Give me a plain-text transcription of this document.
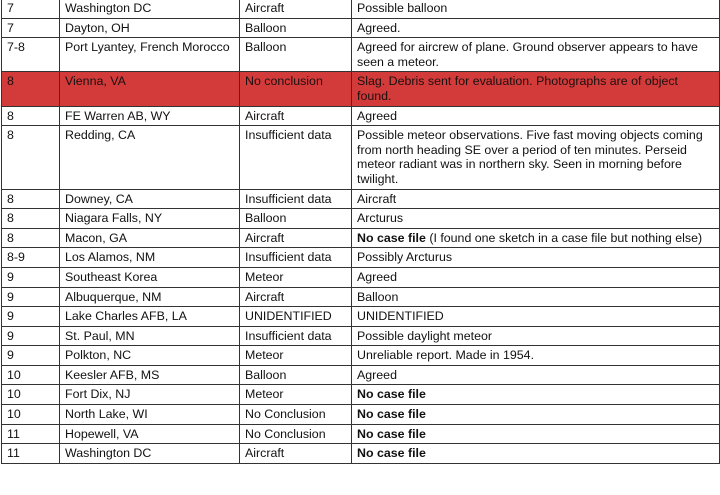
7	Washington DC	Aircraft	Possible balloon
7	Dayton, OH	Balloon	Agreed.
7-8	Port Lyantey, French Morocco	Balloon	Agreed for aircrew of plane. Ground observer appears to have seen a meteor.
8	Vienna, VA	No conclusion	Slag. Debris sent for evaluation. Photographs are of object found.
8	FE Warren AB, WY	Aircraft	Agreed
8	Redding, CA	Insufficient data	Possible meteor observations. Five fast moving objects coming from north heading SE over a period of ten minutes. Perseid meteor radiant was in northern sky. Seen in morning before twilight.
8	Downey, CA	Insufficient data	Aircraft
8	Niagara Falls, NY	Balloon	Arcturus
8	Macon, GA	Aircraft	No case file (I found one sketch in a case file but nothing else)
8-9	Los Alamos, NM	Insufficient data	Possibly Arcturus
9	Southeast Korea	Meteor	Agreed
9	Albuquerque, NM	Aircraft	Balloon
9	Lake Charles AFB, LA	UNIDENTIFIED	UNIDENTIFIED
9	St. Paul, MN	Insufficient data	Possible daylight meteor
9	Polkton, NC	Meteor	Unreliable report. Made in 1954.
10	Keesler AFB, MS	Balloon	Agreed
10	Fort Dix, NJ	Meteor	No case file
10	North Lake, WI	No Conclusion	No case file
11	Hopewell, VA	No Conclusion	No case file
11	Washington DC	Aircraft	No case file
